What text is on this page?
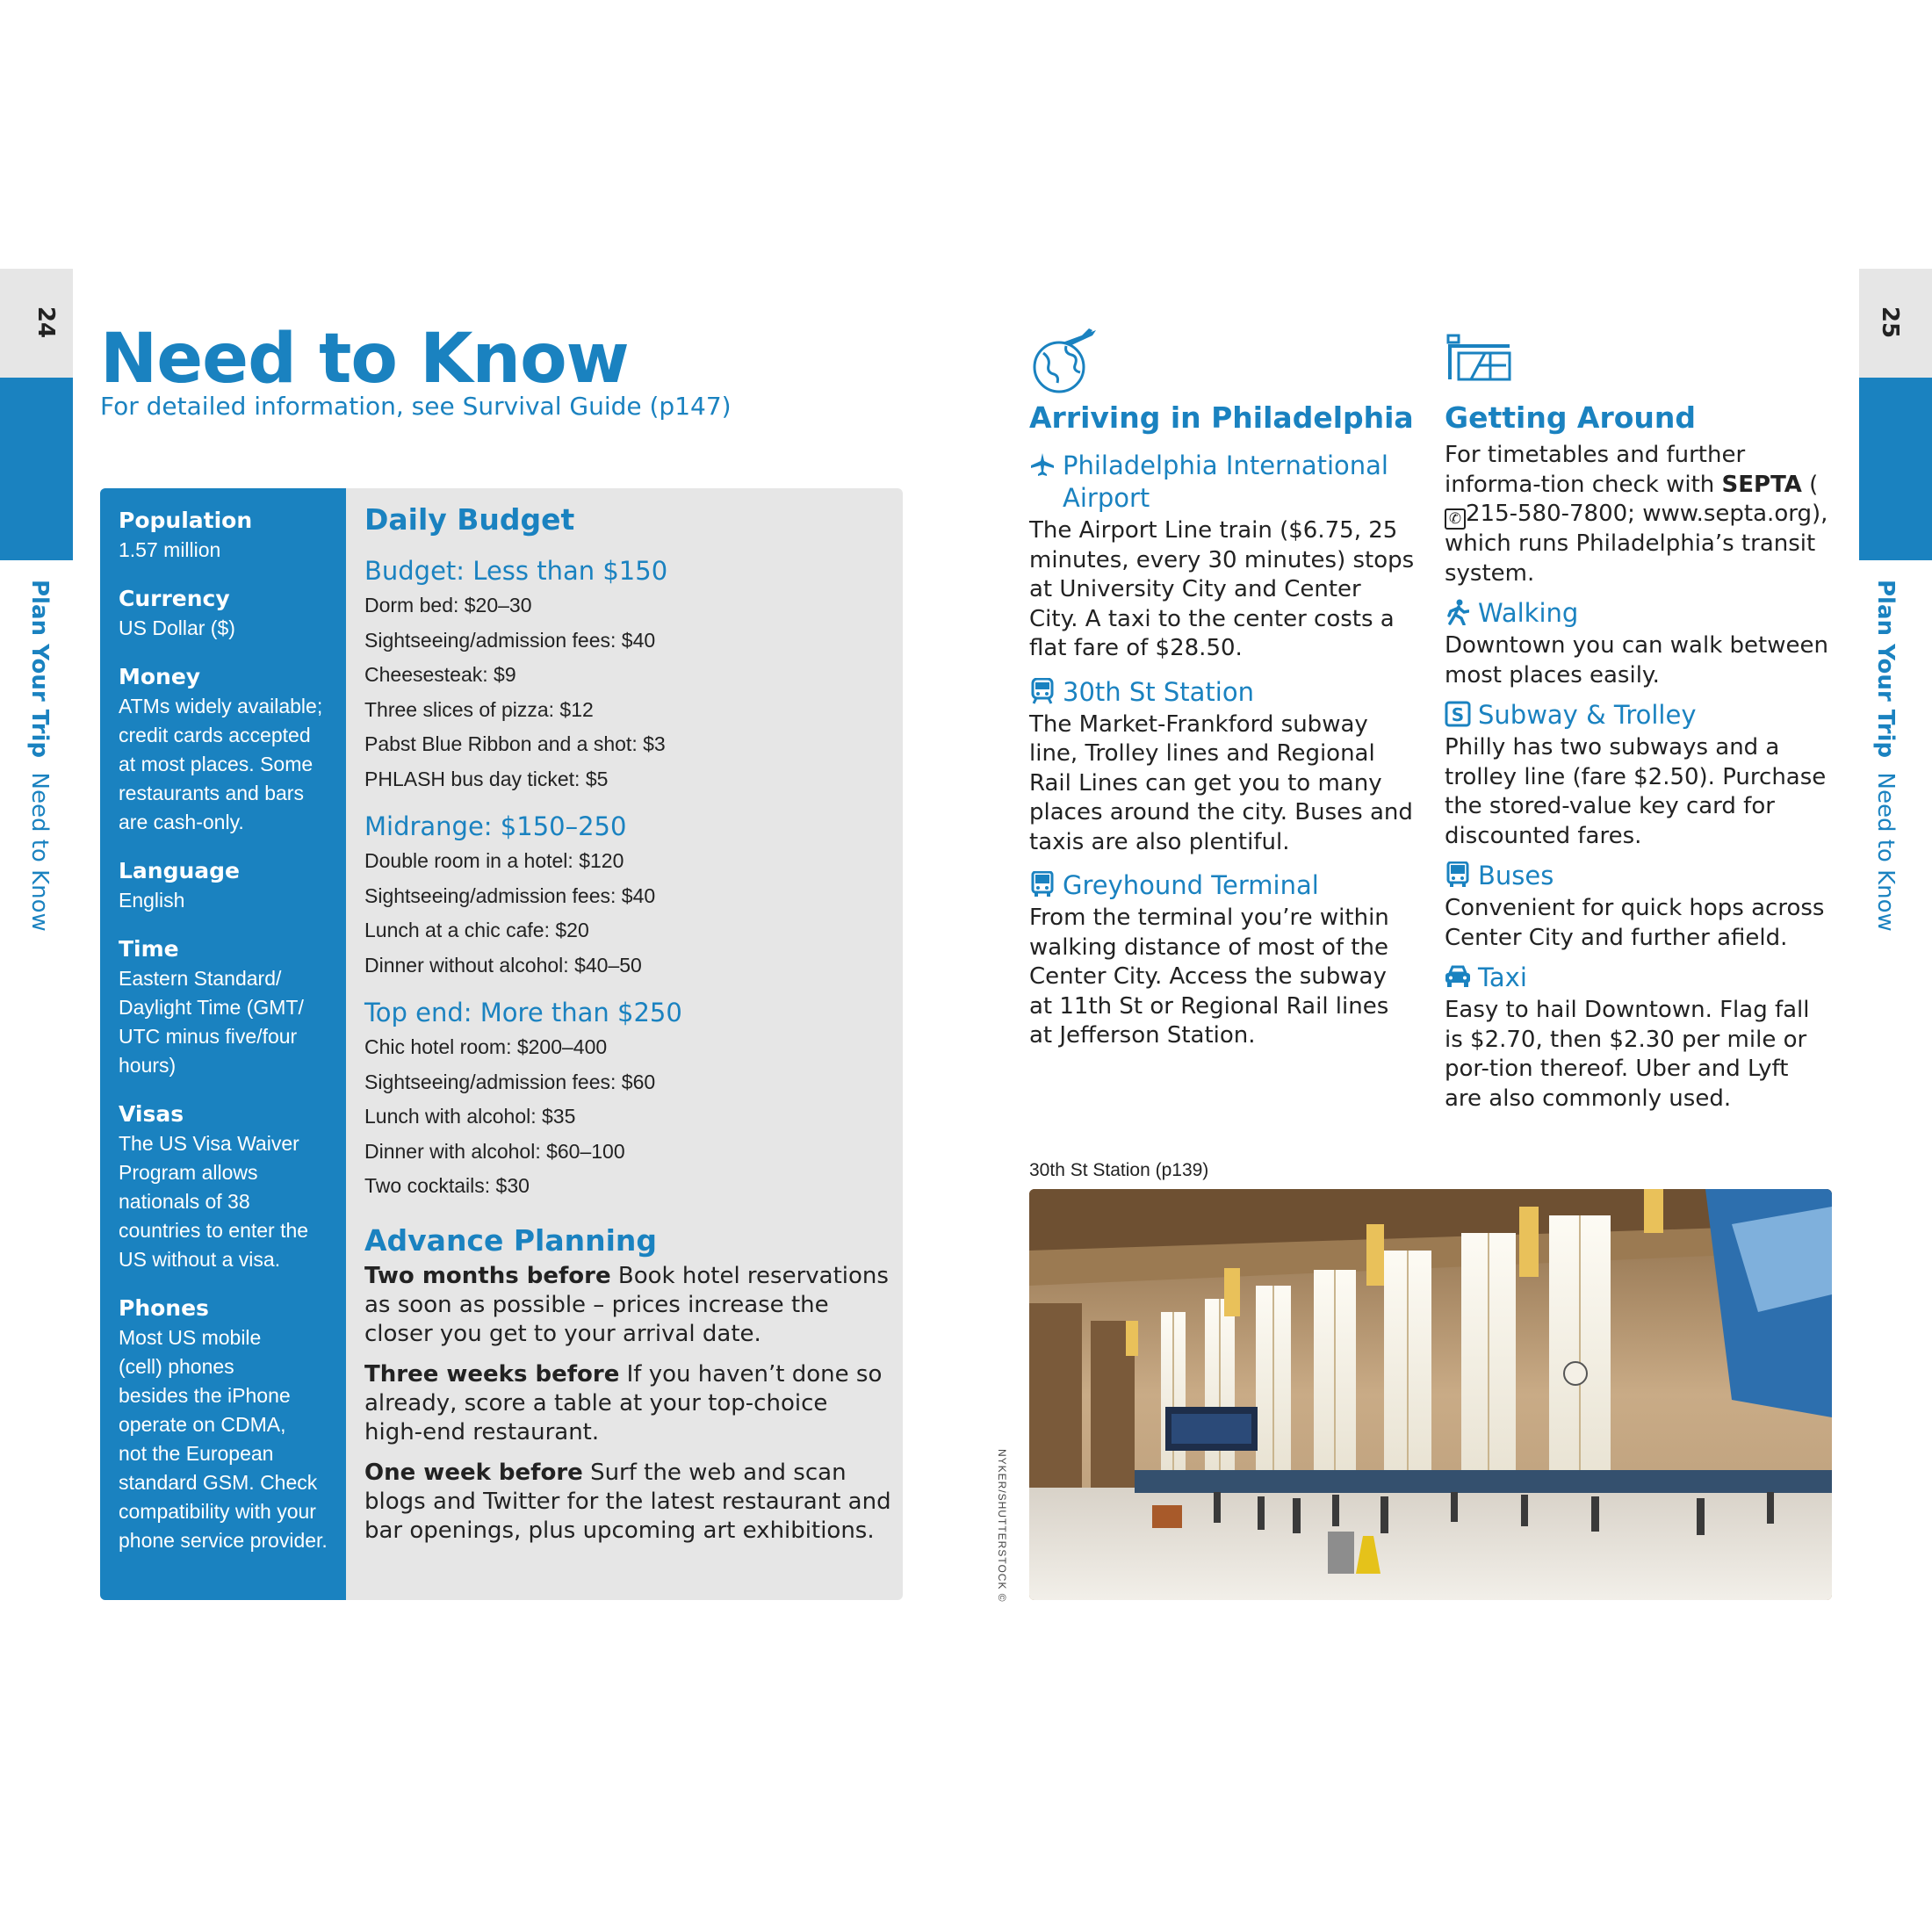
24
Plan Your Trip  Need to Know
25
Plan Your Trip  Need to Know
Need to Know
For detailed information, see Survival Guide (p147)
Population
1.57 million
Currency
US Dollar ($)
Money
ATMs widely available;
credit cards accepted
at most places. Some
restaurants and bars
are cash-only.
Language
English
Time
Eastern Standard/
Daylight Time (GMT/
UTC minus five/four
hours)
Visas
The US Visa Waiver
Program allows
nationals of 38
countries to enter the
US without a visa.
Phones
Most US mobile
(cell) phones
besides the iPhone
operate on CDMA,
not the European
standard GSM. Check
compatibility with your
phone service provider.
Daily Budget
Budget: Less than $150
Dorm bed: $20–30
Sightseeing/admission fees: $40
Cheesesteak: $9
Three slices of pizza: $12
Pabst Blue Ribbon and a shot: $3
PHLASH bus day ticket: $5
Midrange: $150–250
Double room in a hotel: $120
Sightseeing/admission fees: $40
Lunch at a chic cafe: $20
Dinner without alcohol: $40–50
Top end: More than $250
Chic hotel room: $200–400
Sightseeing/admission fees: $60
Lunch with alcohol: $35
Dinner with alcohol: $60–100
Two cocktails: $30
Advance Planning

Two months before Book hotel reservations as soon as possible – prices increase the closer you get to your arrival date.

Three weeks before If you haven’t done so already, score a table at your top-choice high-end restaurant.

One week before Surf the web and scan blogs and Twitter for the latest restaurant and bar openings, plus upcoming art exhibitions.

Arriving in Philadelphia
Philadelphia International Airport
The Airport Line train ($6.75, 25 minutes, every 30 minutes) stops at University City and Center City. A taxi to the center costs a flat fare of $28.50.
30th St Station
The Market-Frankford subway line, Trolley lines and Regional Rail Lines can get you to many places around the city. Buses and taxis are also plentiful.
Greyhound Terminal
From the terminal you’re within walking distance of most of the Center City. Access the subway at 11th St or Regional Rail lines at Jefferson Station.
Getting Around
For timetables and further informa-tion check with SEPTA (✆ 215-580-7800; www.septa.org), which runs Philadelphia’s transit system.
Walking
Downtown you can walk between most places easily.
S Subway & Trolley
Philly has two subways and a trolley line (fare $2.50). Purchase the stored-value key card for discounted fares.
Buses
Convenient for quick hops across Center City and further afield.
Taxi
Easy to hail Downtown. Flag fall is $2.70, then $2.30 per mile or por-tion thereof. Uber and Lyft are also commonly used.
30th St Station (p139)
NYKER/SHUTTERSTOCK ©
